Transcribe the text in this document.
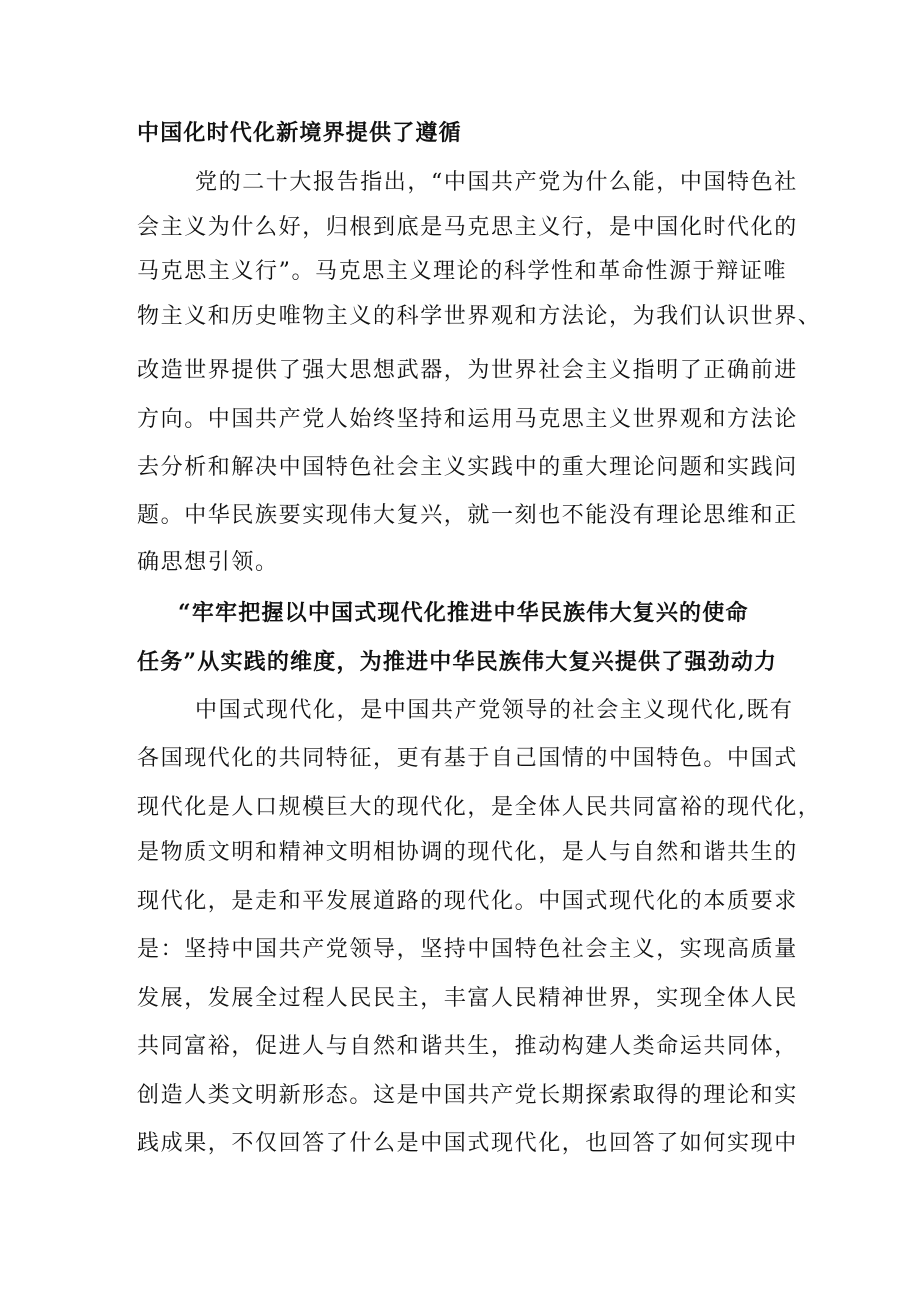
中国化时代化新境界提供了遵循
党的二十大报告指出，“中国共产党为什么能，中国特色社
会主义为什么好，归根到底是马克思主义行，是中国化时代化的
马克思主义行”。马克思主义理论的科学性和革命性源于辩证唯
物主义和历史唯物主义的科学世界观和方法论，为我们认识世界、
改造世界提供了强大思想武器，为世界社会主义指明了正确前进
方向。中国共产党人始终坚持和运用马克思主义世界观和方法论
去分析和解决中国特色社会主义实践中的重大理论问题和实践问
题。中华民族要实现伟大复兴，就一刻也不能没有理论思维和正
确思想引领。
“牢牢把握以中国式现代化推进中华民族伟大复兴的使命
任务”从实践的维度，为推进中华民族伟大复兴提供了强劲动力
中国式现代化，是中国共产党领导的社会主义现代化,既有
各国现代化的共同特征，更有基于自己国情的中国特色。中国式
现代化是人口规模巨大的现代化，是全体人民共同富裕的现代化，
是物质文明和精神文明相协调的现代化，是人与自然和谐共生的
现代化，是走和平发展道路的现代化。中国式现代化的本质要求
是：坚持中国共产党领导，坚持中国特色社会主义，实现高质量
发展，发展全过程人民民主，丰富人民精神世界，实现全体人民
共同富裕，促进人与自然和谐共生，推动构建人类命运共同体，
创造人类文明新形态。这是中国共产党长期探索取得的理论和实
践成果，不仅回答了什么是中国式现代化，也回答了如何实现中
